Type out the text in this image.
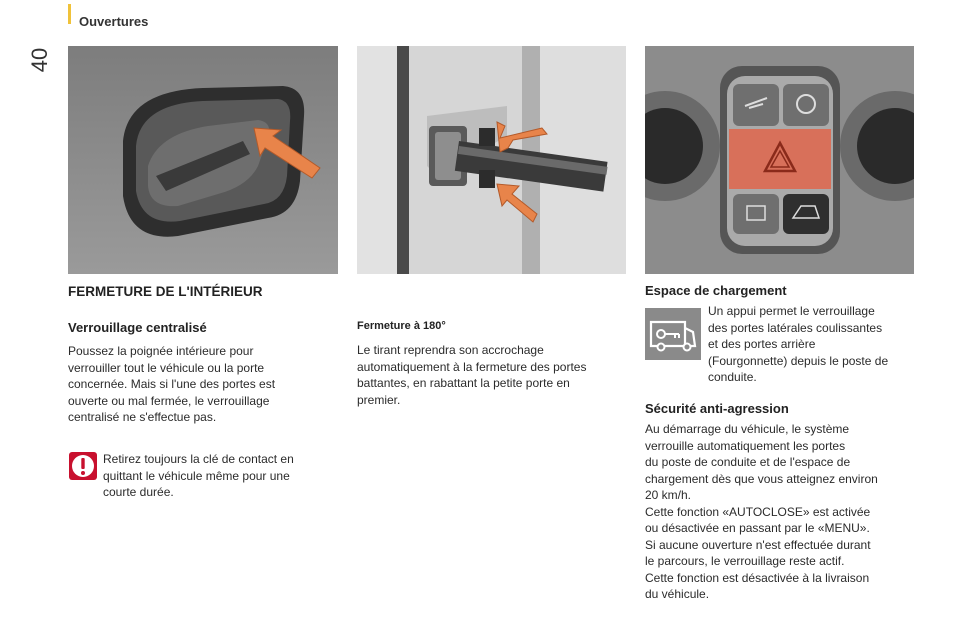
40
Ouvertures
FERMETURE DE L'INTÉRIEUR
Verrouillage centralisé
Poussez la poignée intérieure pour
verrouiller tout le véhicule ou la porte
concernée. Mais si l'une des portes est
ouverte ou mal fermée, le verrouillage
centralisé ne s'effectue pas.
Retirez toujours la clé de contact en
quittant le véhicule même pour une
courte durée.
Fermeture à 180°
Le tirant reprendra son accrochage
automatiquement à la fermeture des portes
battantes, en rabattant la petite porte en
premier.
Espace de chargement
Un appui permet le verrouillage
des portes latérales coulissantes
et des portes arrière
(Fourgonnette) depuis le poste de
conduite.
Sécurité anti-agression
Au démarrage du véhicule, le système
verrouille automatiquement les portes
du poste de conduite et de l'espace de
chargement dès que vous atteignez environ
20 km/h.
Cette fonction «AUTOCLOSE» est activée
ou désactivée en passant par le «MENU».
Si aucune ouverture n'est effectuée durant
le parcours, le verrouillage reste actif.
Cette fonction est désactivée à la livraison
du véhicule.
